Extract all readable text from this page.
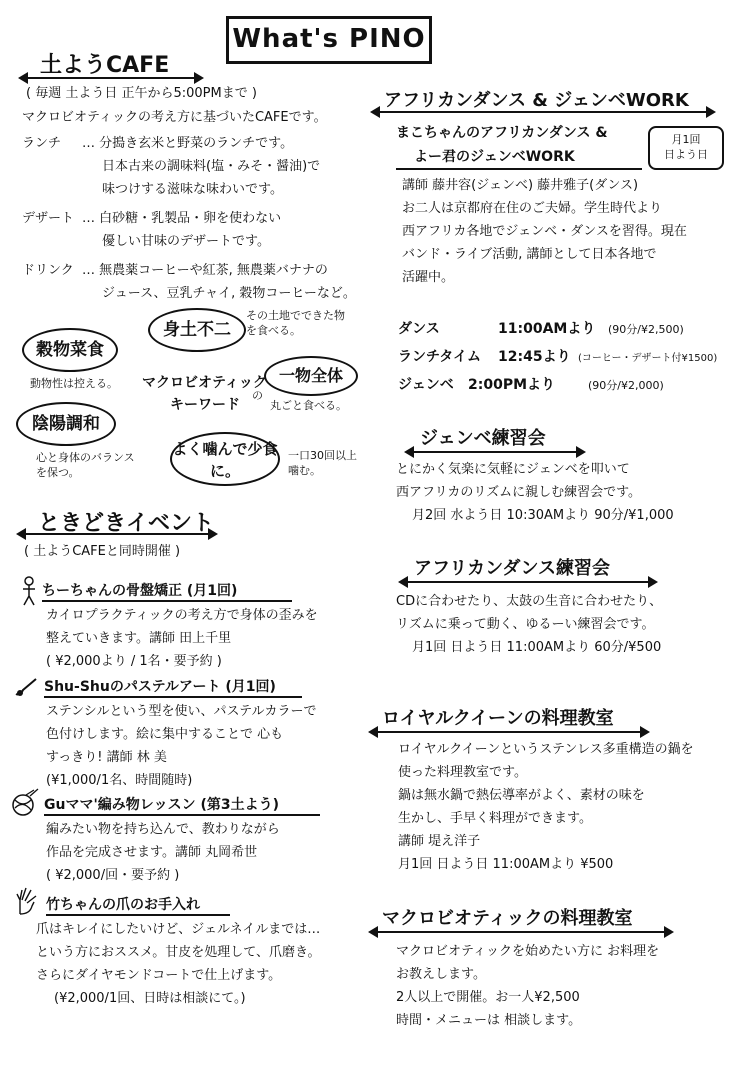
What's PINO
土ようCAFE
( 毎週 土よう日 正午から5:00PMまで )
マクロビオティックの考え方に基づいたCAFEです。
ランチ	… 分搗き玄米と野菜のランチです。
日本古来の調味料(塩・みそ・醤油)で
味つけする滋味な味わいです。
デザート … 白砂糖・乳製品・卵を使わない
優しい甘味のデザートです。
ドリンク … 無農薬コーヒーや紅茶, 無農薬バナナの
ジュース、豆乳チャイ, 穀物コーヒーなど。
穀物菜食
動物性は控える。
身土不二
その土地でできた物を食べる。
マクロビオティック
の
キーワード
一物全体
丸ごと食べる。
陰陽調和
心と身体のバランスを保つ。
よく噛んで少食に。
一口30回以上噛む。
ときどきイベント
( 土ようCAFEと同時開催 )
ちーちゃんの骨盤矯正 (月1回)
カイロプラクティックの考え方で身体の歪みを
整えていきます。講師 田上千里
( ¥2,000より / 1名・要予約 )
Shu-Shuのパステルアート (月1回)
ステンシルという型を使い、パステルカラーで
色付けします。絵に集中することで 心も
すっきり! 講師 林 美
(¥1,000/1名、時間随時)
Guママ'編み物レッスン (第3土よう)
編みたい物を持ち込んで、教わりながら
作品を完成させます。講師 丸岡希世
( ¥2,000/回・要予約 )
竹ちゃんの爪のお手入れ
爪はキレイにしたいけど、ジェルネイルまでは…
という方におススメ。甘皮を処理して、爪磨き。
さらにダイヤモンドコートで仕上げます。
(¥2,000/1回、日時は相談にて。)
アフリカンダンス & ジェンベWORK
まこちゃんのアフリカンダンス &
よー君のジェンベWORK
月1回
日よう日
講師 藤井容(ジェンベ) 藤井雅子(ダンス)
お二人は京都府在住のご夫婦。学生時代より
西アフリカ各地でジェンベ・ダンスを習得。現在
バンド・ライブ活動, 講師として日本各地で
活躍中。
ダンス	11:00AMより	(90分/¥2,500)
ランチタイム	12:45より (コーヒー・デザート付¥1500)
ジェンベ	2:00PMより	(90分/¥2,000)
ジェンベ練習会
とにかく気楽に気軽にジェンベを叩いて
西アフリカのリズムに親しむ練習会です。
月2回 水よう日 10:30AMより 90分/¥1,000
アフリカンダンス練習会
CDに合わせたり、太鼓の生音に合わせたり、
リズムに乗って動く、ゆるーい練習会です。
月1回 日よう日 11:00AMより 60分/¥500
ロイヤルクイーンの料理教室
ロイヤルクイーンというステンレス多重構造の鍋を
使った料理教室です。
鍋は無水鍋で熱伝導率がよく、素材の味を
生かし、手早く料理ができます。
講師 堤え洋子
月1回 日よう日 11:00AMより ¥500
マクロビオティックの料理教室
マクロビオティックを始めたい方に お料理を
お教えします。
2人以上で開催。お一人¥2,500
時間・メニューは 相談します。
